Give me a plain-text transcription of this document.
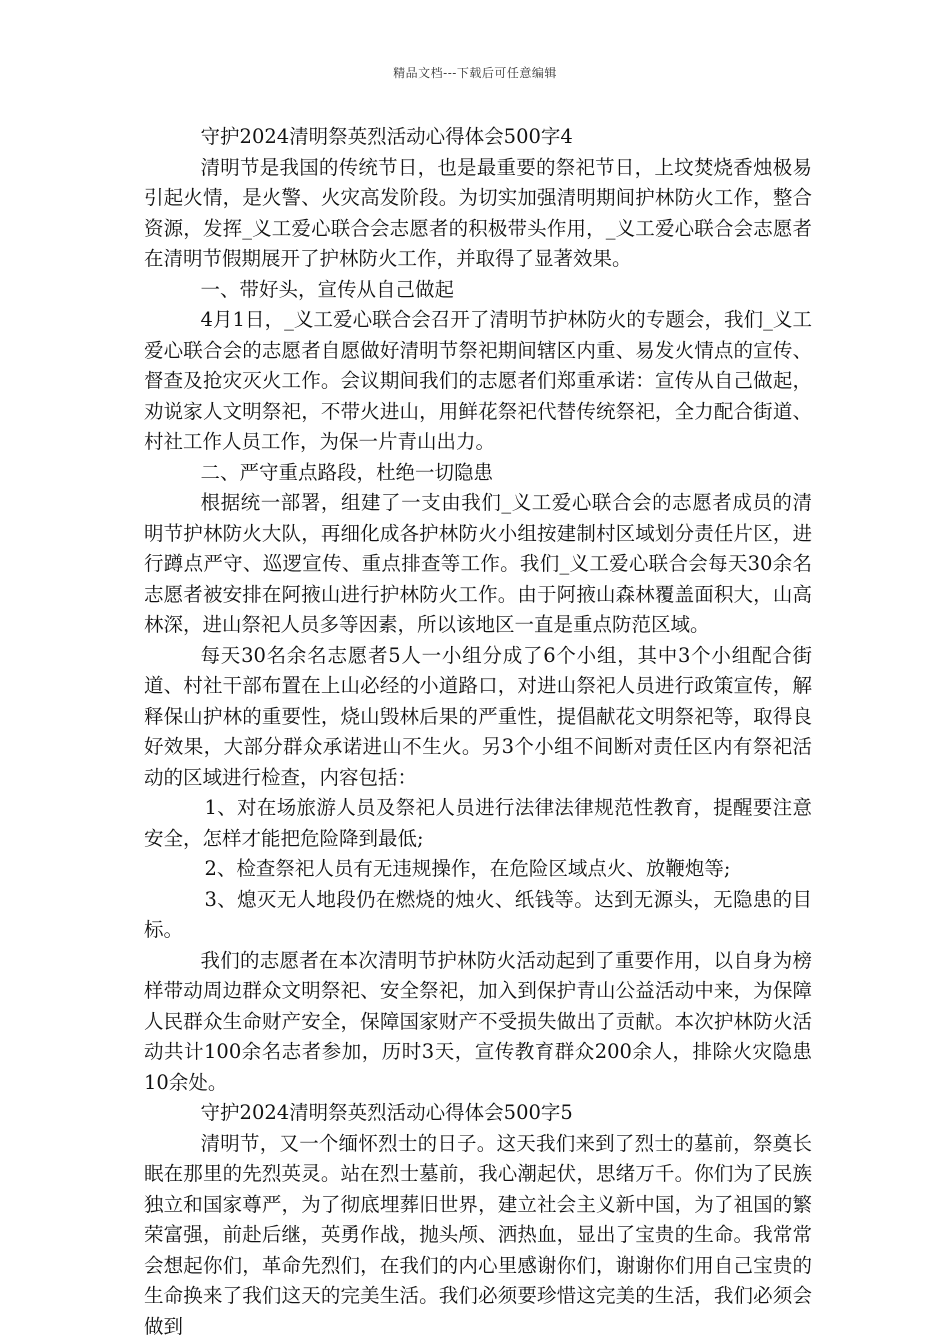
精品文档---下载后可任意编辑

守护2024清明祭英烈活动心得体会500字4

清明节是我国的传统节日，也是最重要的祭祀节日，上坟焚烧香烛极易引起火情，是火警、火灾高发阶段。为切实加强清明期间护林防火工作，整合资源，发挥_义工爱心联合会志愿者的积极带头作用，_义工爱心联合会志愿者在清明节假期展开了护林防火工作，并取得了显著效果。

一、带好头，宣传从自己做起

4月1日，_义工爱心联合会召开了清明节护林防火的专题会，我们_义工爱心联合会的志愿者自愿做好清明节祭祀期间辖区内重、易发火情点的宣传、督查及抢灾灭火工作。会议期间我们的志愿者们郑重承诺：宣传从自己做起，劝说家人文明祭祀，不带火进山，用鲜花祭祀代替传统祭祀，全力配合街道、村社工作人员工作，为保一片青山出力。

二、严守重点路段，杜绝一切隐患

根据统一部署，组建了一支由我们_义工爱心联合会的志愿者成员的清明节护林防火大队，再细化成各护林防火小组按建制村区域划分责任片区，进行蹲点严守、巡逻宣传、重点排查等工作。我们_义工爱心联合会每天30余名志愿者被安排在阿掖山进行护林防火工作。由于阿掖山森林覆盖面积大，山高林深，进山祭祀人员多等因素，所以该地区一直是重点防范区域。

每天30名余名志愿者5人一小组分成了6个小组，其中3个小组配合街道、村社干部布置在上山必经的小道路口，对进山祭祀人员进行政策宣传，解释保山护林的重要性，烧山毁林后果的严重性，提倡献花文明祭祀等，取得良好效果，大部分群众承诺进山不生火。另3个小组不间断对责任区内有祭祀活动的区域进行检查，内容包括：

1、对在场旅游人员及祭祀人员进行法律法律规范性教育，提醒要注意安全，怎样才能把危险降到最低;

2、检查祭祀人员有无违规操作，在危险区域点火、放鞭炮等;

3、熄灭无人地段仍在燃烧的烛火、纸钱等。达到无源头，无隐患的目标。

我们的志愿者在本次清明节护林防火活动起到了重要作用，以自身为榜样带动周边群众文明祭祀、安全祭祀，加入到保护青山公益活动中来，为保障人民群众生命财产安全，保障国家财产不受损失做出了贡献。本次护林防火活动共计100余名志者参加，历时3天，宣传教育群众200余人，排除火灾隐患10余处。

守护2024清明祭英烈活动心得体会500字5

清明节，又一个缅怀烈士的日子。这天我们来到了烈士的墓前，祭奠长眠在那里的先烈英灵。站在烈士墓前，我心潮起伏，思绪万千。你们为了民族独立和国家尊严，为了彻底埋葬旧世界，建立社会主义新中国，为了祖国的繁荣富强，前赴后继，英勇作战，抛头颅、洒热血，显出了宝贵的生命。我常常会想起你们，革命先烈们，在我们的内心里感谢你们，谢谢你们用自己宝贵的生命换来了我们这天的完美生活。我们必须要珍惜这完美的生活，我们必须会做到
